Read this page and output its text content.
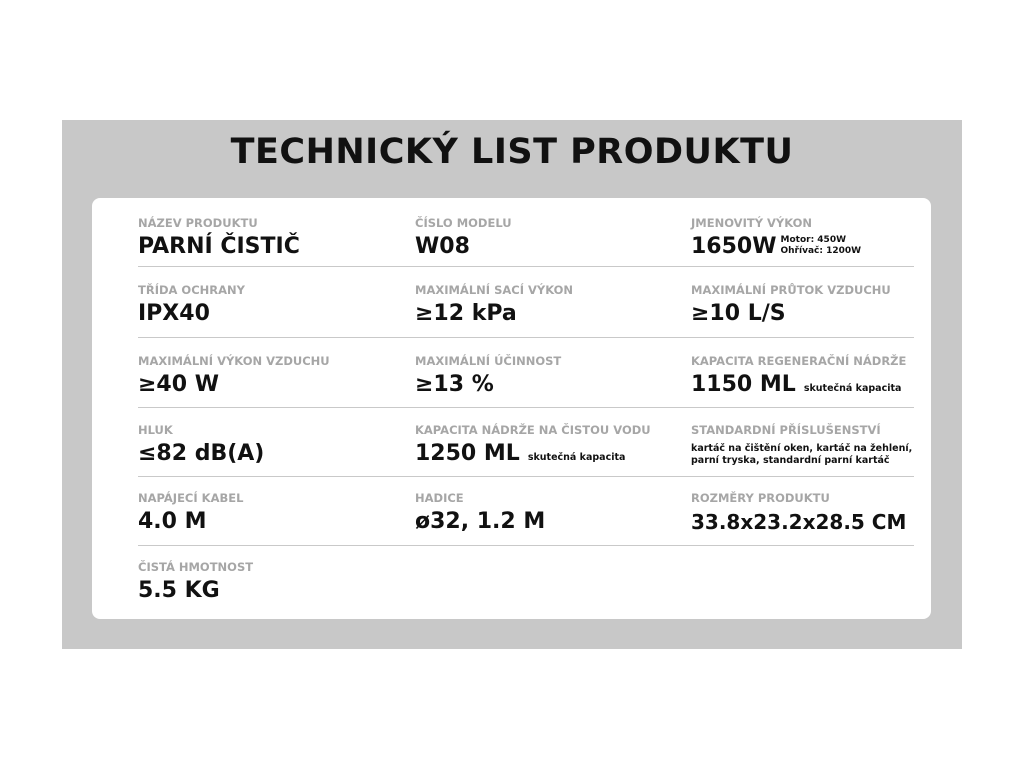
TECHNICKÝ LIST PRODUKTU
NÁZEV PRODUKTU
PARNÍ ČISTIČ
ČÍSLO MODELU
W08
JMENOVITÝ VÝKON
1650W Motor: 450W
Ohřívač: 1200W
TŘÍDA OCHRANY
IPX40
MAXIMÁLNÍ SACÍ VÝKON
≥12 kPa
MAXIMÁLNÍ PRŮTOK VZDUCHU
≥10 L/S
MAXIMÁLNÍ VÝKON VZDUCHU
≥40 W
MAXIMÁLNÍ ÚČINNOST
≥13 %
KAPACITA REGENERAČNÍ NÁDRŽE
1150 ML skutečná kapacita
HLUK
≤82 dB(A)
KAPACITA NÁDRŽE NA ČISTOU VODU
1250 ML skutečná kapacita
STANDARDNÍ PŘÍSLUŠENSTVÍ
kartáč na čištění oken, kartáč na žehlení,
parní tryska, standardní parní kartáč
NAPÁJECÍ KABEL
4.0 M
HADICE
ø32, 1.2 M
ROZMĚRY PRODUKTU
33.8x23.2x28.5 CM
ČISTÁ HMOTNOST
5.5 KG
